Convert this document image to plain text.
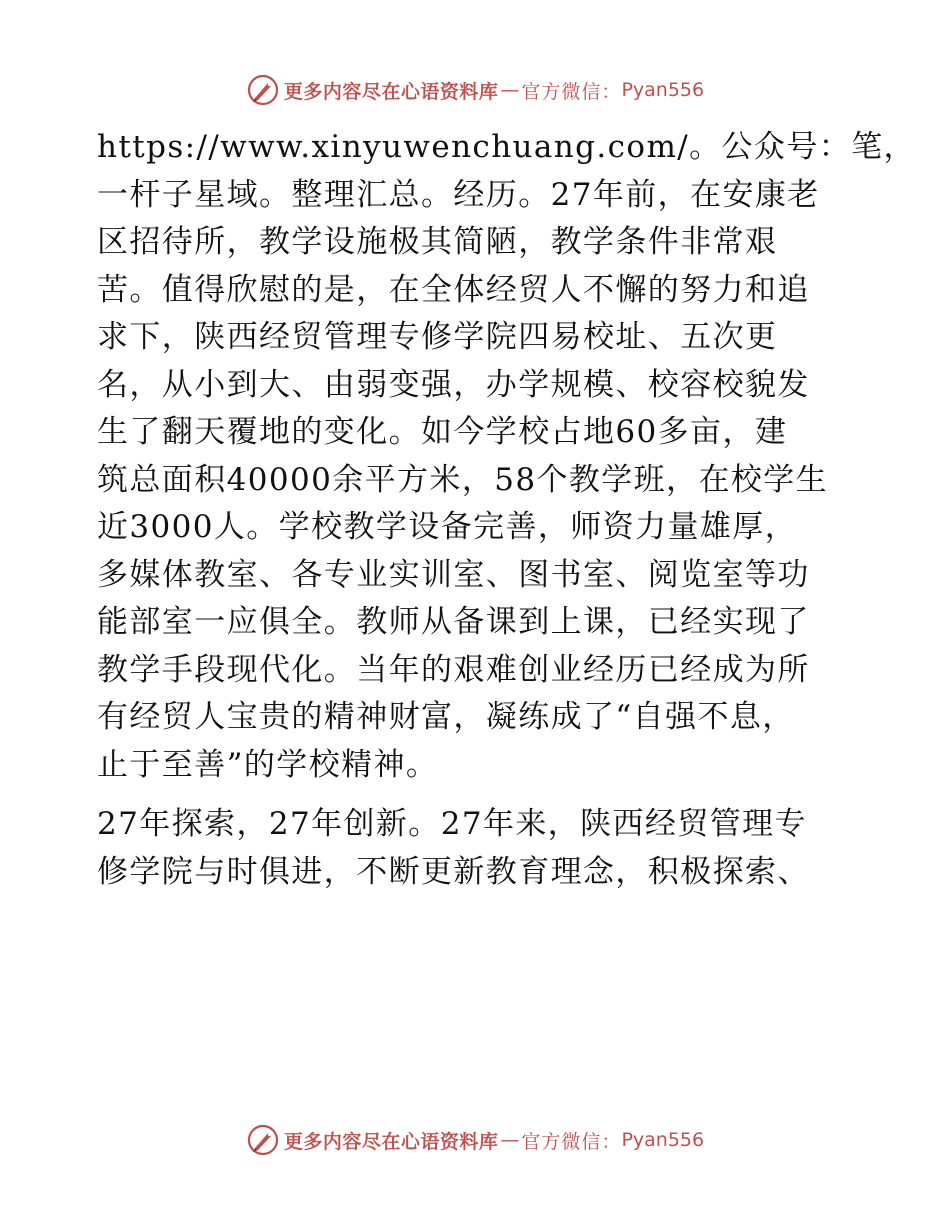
更多内容尽在心语资料库 — 官方微信： Pyan556
https://www.xinyuwenchuang.com/。公众号：笔，
一杆子星域。整理汇总。经历。27年前，在安康老
区招待所，教学设施极其简陋，教学条件非常艰
苦。值得欣慰的是，在全体经贸人不懈的努力和追
求下，陕西经贸管理专修学院四易校址、五次更
名，从小到大、由弱变强，办学规模、校容校貌发
生了翻天覆地的变化。如今学校占地60多亩，建
筑总面积40000余平方米，58个教学班，在校学生
近3000人。学校教学设备完善，师资力量雄厚，
多媒体教室、各专业实训室、图书室、阅览室等功
能部室一应俱全。教师从备课到上课，已经实现了
教学手段现代化。当年的艰难创业经历已经成为所
有经贸人宝贵的精神财富，凝练成了“自强不息，
止于至善”的学校精神。
27年探索，27年创新。27年来，陕西经贸管理专
修学院与时俱进，不断更新教育理念，积极探索、
更多内容尽在心语资料库 — 官方微信： Pyan556
